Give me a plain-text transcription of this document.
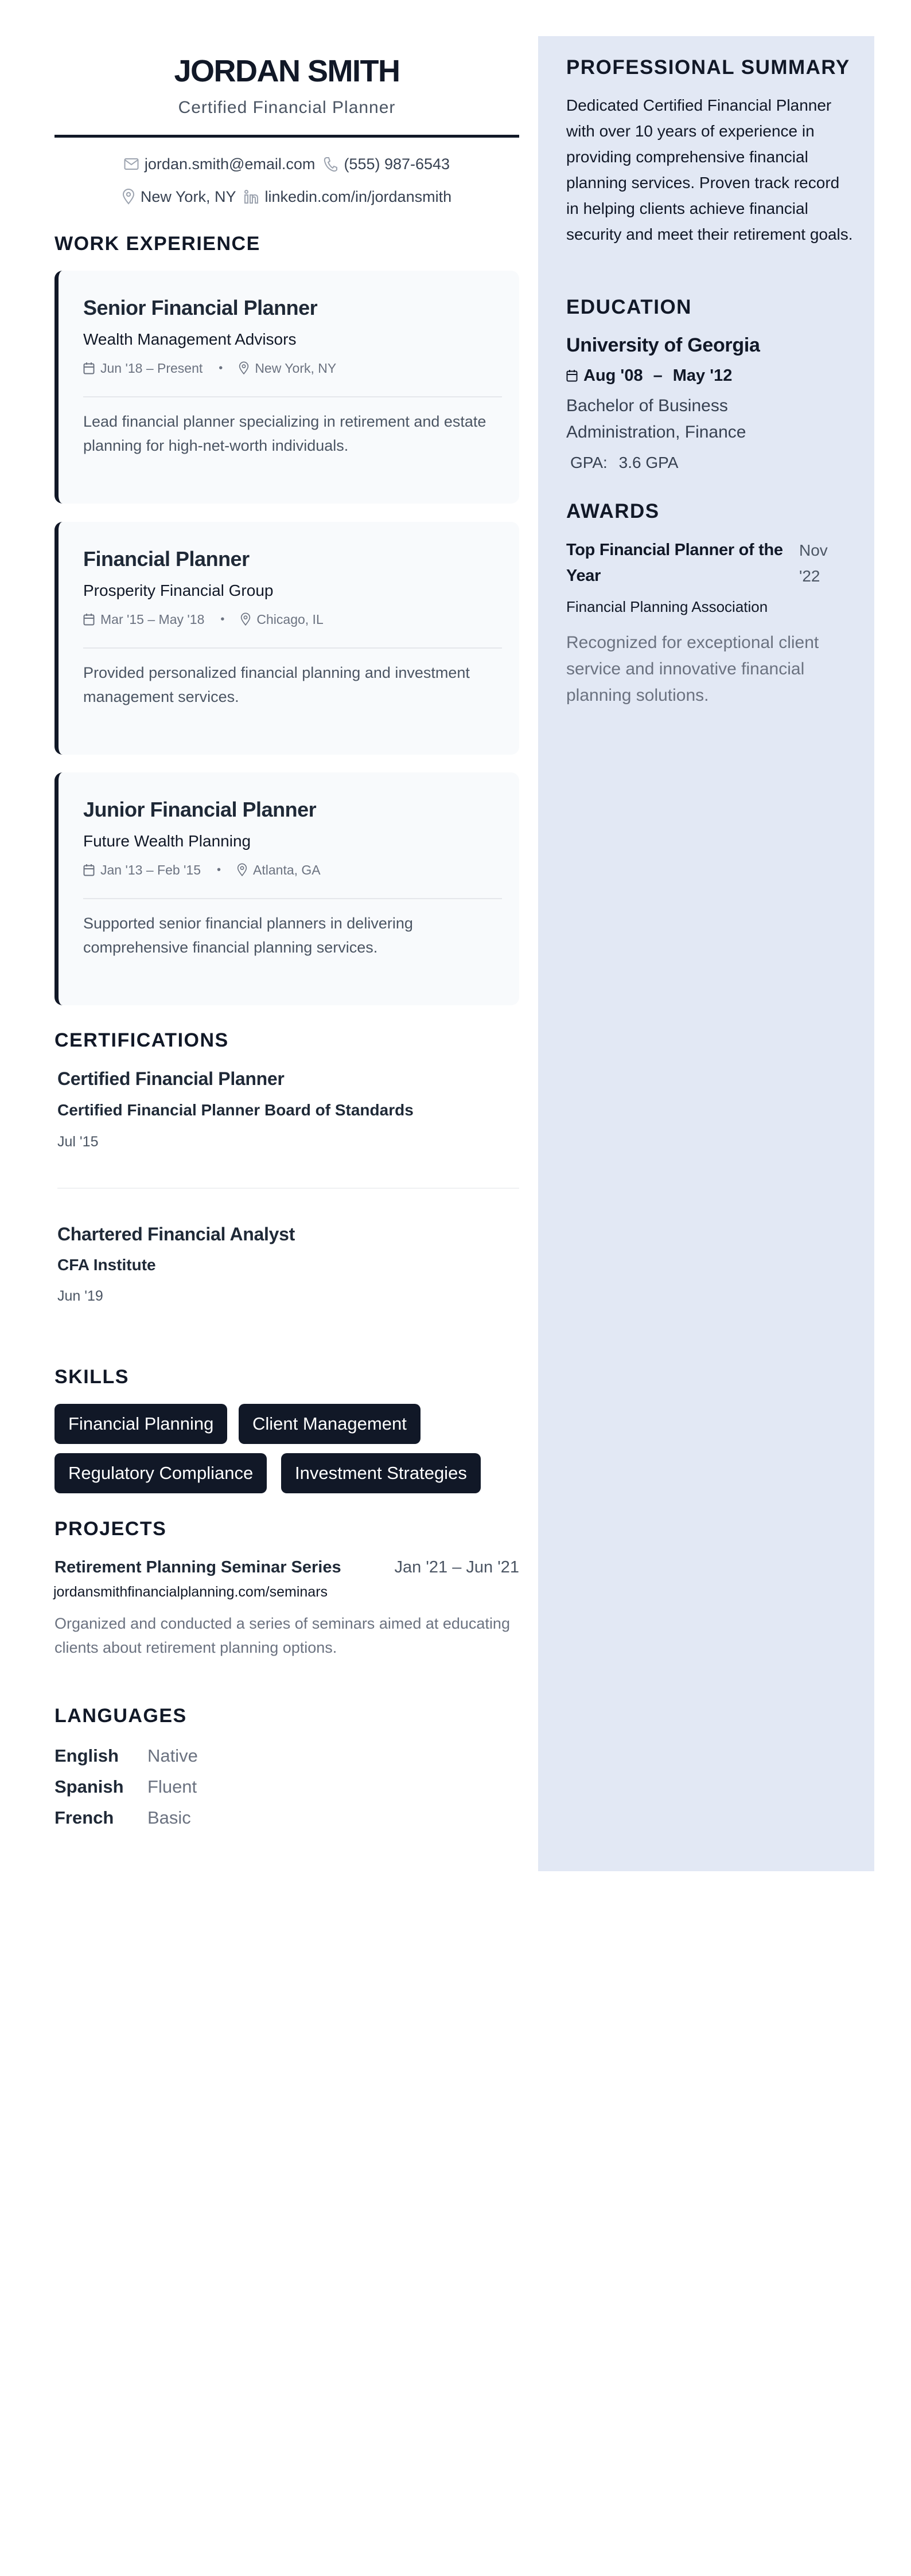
JORDAN SMITH
Certified Financial Planner
jordan.smith@email.com (555) 987-6543
New York, NY linkedin.com/in/jordansmith
WORK EXPERIENCE
Senior Financial Planner
Wealth Management Advisors
Jun '18 – Present • New York, NY
Lead financial planner specializing in retirement and estate planning for high-net-worth individuals.
Financial Planner
Prosperity Financial Group
Mar '15 – May '18 • Chicago, IL
Provided personalized financial planning and investment management services.
Junior Financial Planner
Future Wealth Planning
Jan '13 – Feb '15 • Atlanta, GA
Supported senior financial planners in delivering comprehensive financial planning services.
CERTIFICATIONS
Certified Financial Planner
Certified Financial Planner Board of Standards
Jul '15
Chartered Financial Analyst
CFA Institute
Jun '19
SKILLS
Financial Planning	Client Management
Regulatory Compliance	Investment Strategies
PROJECTS
Retirement Planning Seminar Series	Jan '21 – Jun '21
jordansmithfinancialplanning.com/seminars
Organized and conducted a series of seminars aimed at educating clients about retirement planning options.
LANGUAGES
English Native
Spanish Fluent
French Basic
PROFESSIONAL SUMMARY
Dedicated Certified Financial Planner with over 10 years of experience in providing comprehensive financial planning services. Proven track record in helping clients achieve financial security and meet their retirement goals.
EDUCATION
University of Georgia
Aug '08 – May '12
Bachelor of Business Administration, Finance
GPA: 3.6 GPA
AWARDS
Top Financial Planner of the Year
Nov '22
Financial Planning Association
Recognized for exceptional client service and innovative financial planning solutions.
